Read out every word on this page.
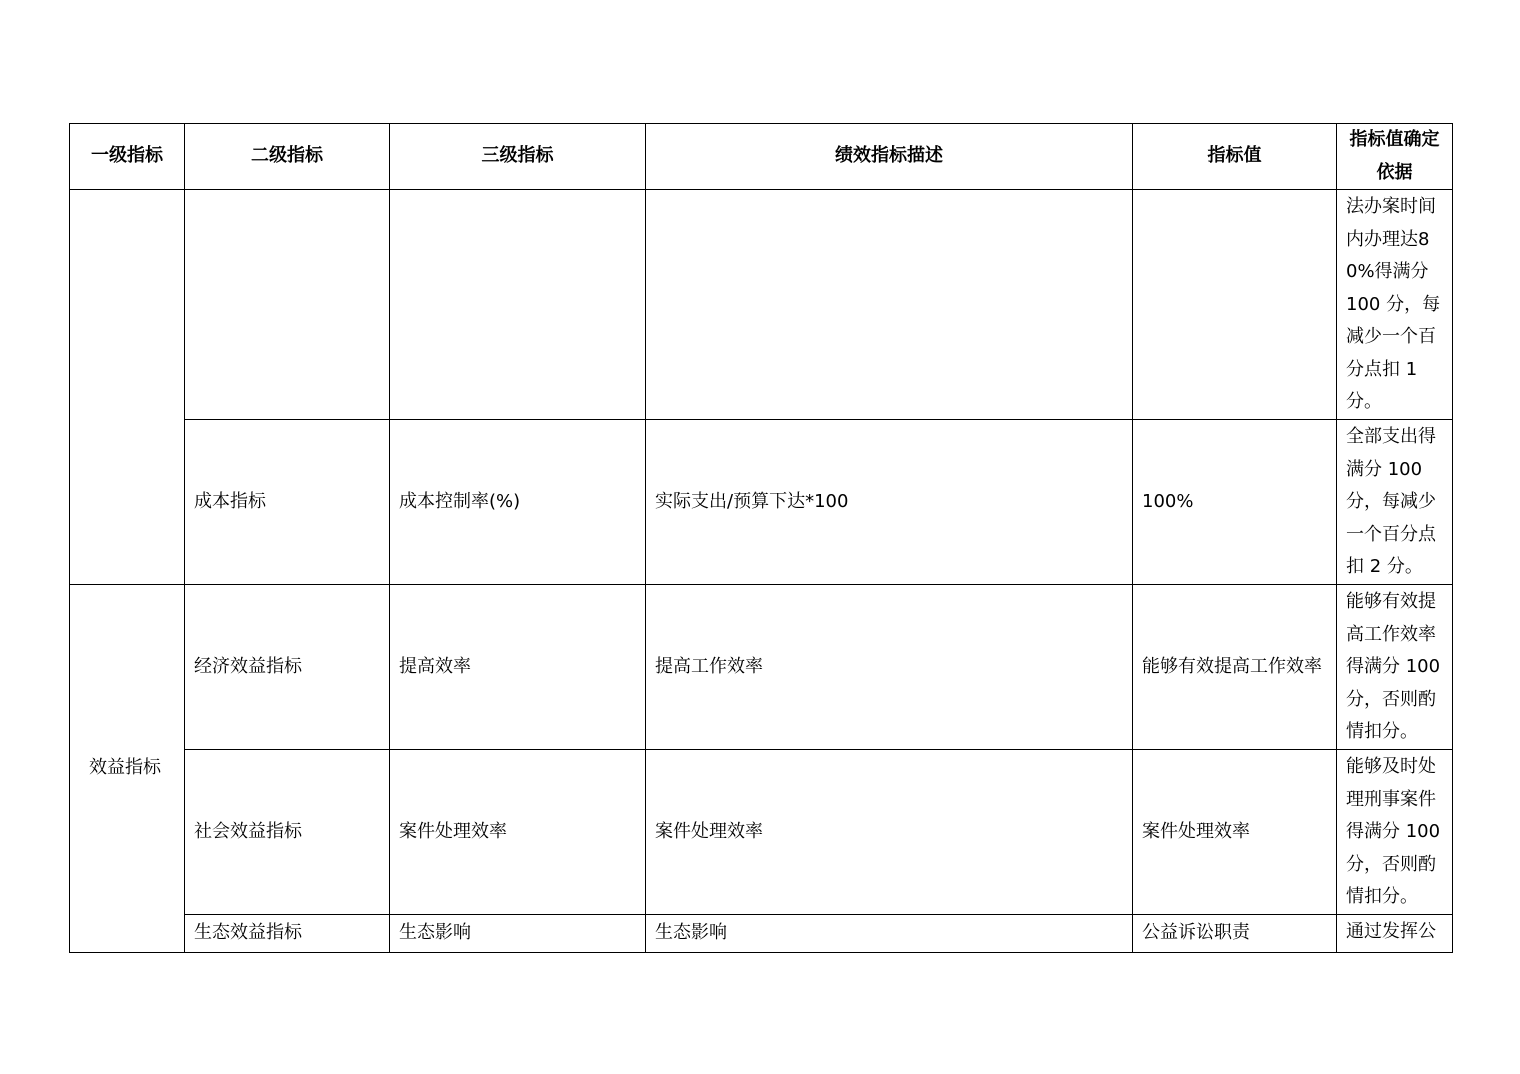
一级指标	二级指标	三级指标	绩效指标描述	指标值	指标值确定依据
					法办案时间内办理达80%得满分 100 分，每减少一个百分点扣 1 分。
	成本指标	成本控制率(%)	实际支出/预算下达*100	100%	全部支出得满分 100 分，每减少一个百分点扣 2 分。
效益指标	经济效益指标	提高效率	提高工作效率	能够有效提高工作效率	能够有效提高工作效率得满分 100 分，否则酌情扣分。
	社会效益指标	案件处理效率	案件处理效率	案件处理效率	能够及时处理刑事案件得满分 100 分，否则酌情扣分。
	生态效益指标	生态影响	生态影响	公益诉讼职责	通过发挥公
